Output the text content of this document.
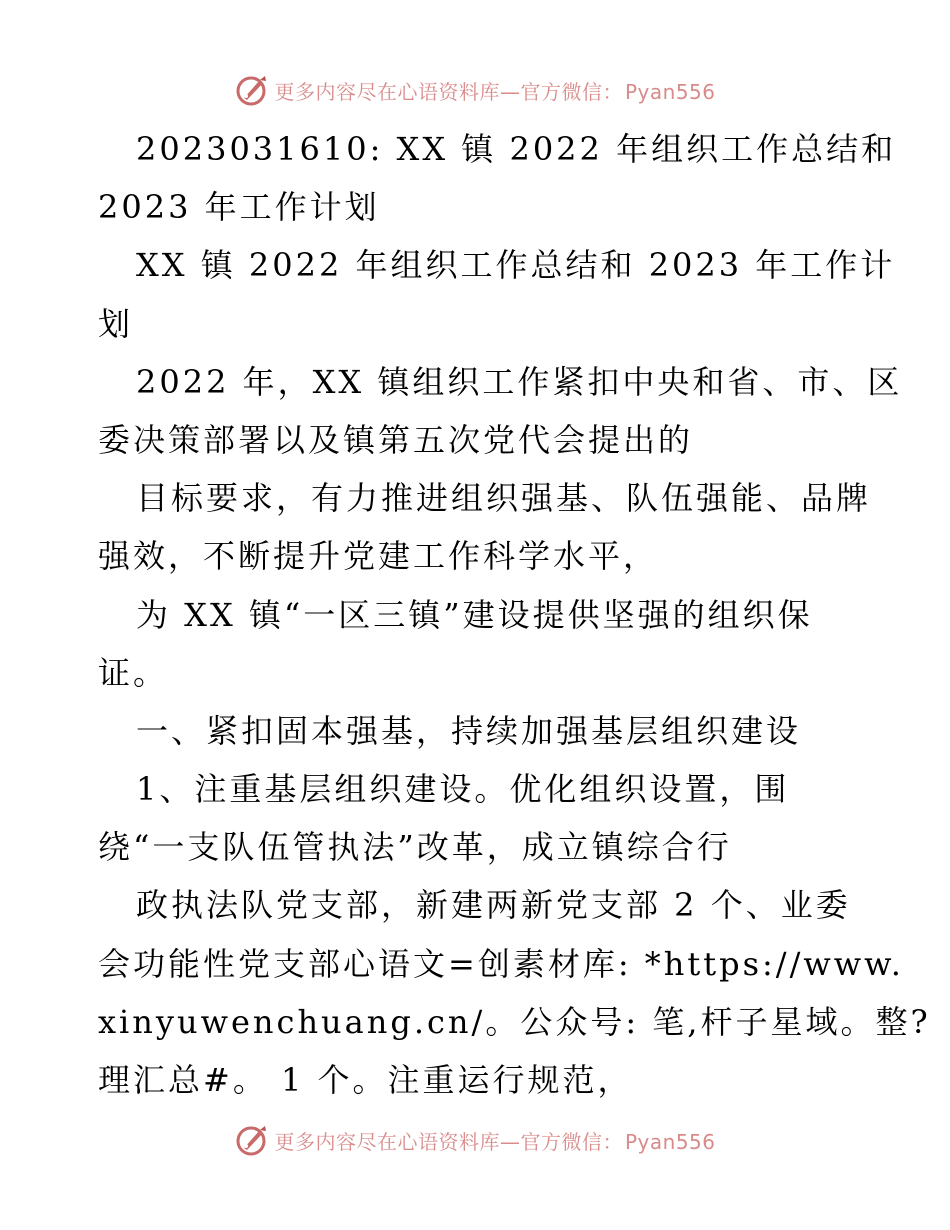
更多内容尽在心语资料库—官方微信： Pyan556
2023031610: XX 镇 2022 年组织工作总结和
2023 年工作计划
XX 镇 2022 年组织工作总结和 2023 年工作计
划
2022 年，XX 镇组织工作紧扣中央和省、市、区
委决策部署以及镇第五次党代会提出的
目标要求，有力推进组织强基、队伍强能、品牌
强效，不断提升党建工作科学水平，
为 XX 镇“一区三镇”建设提供坚强的组织保
证。
一、紧扣固本强基，持续加强基层组织建设
1、注重基层组织建设。优化组织设置，围
绕“一支队伍管执法”改革，成立镇综合行
政执法队党支部，新建两新党支部 2 个、业委
会功能性党支部心语文=创素材库: *https://www.
xinyuwenchuang.cn/。公众号: 笔,杆子星域。整?
理汇总#。 1 个。注重运行规范，
更多内容尽在心语资料库—官方微信： Pyan556
